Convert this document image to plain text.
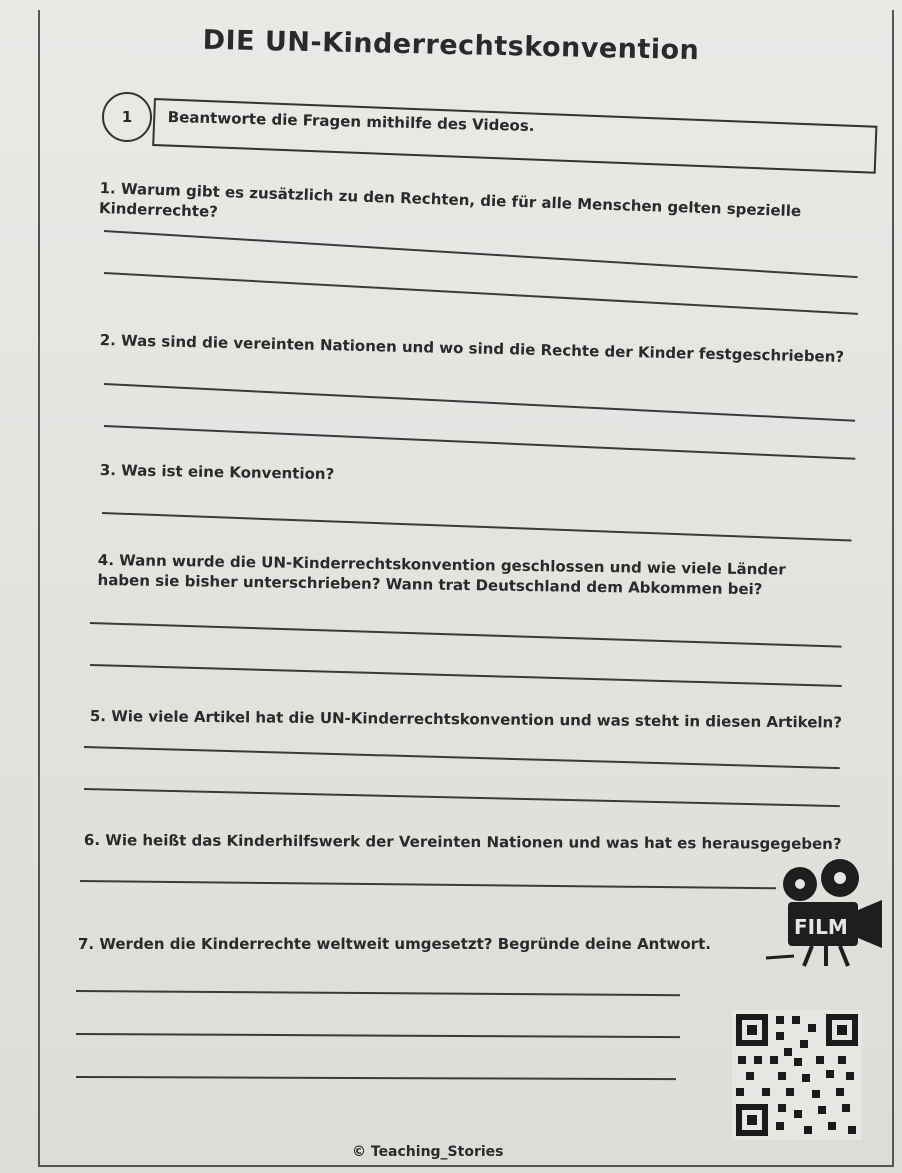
DIE UN-Kinderrechtskonvention
1	Beantworte die Fragen mithilfe des Videos.
1. Warum gibt es zusätzlich zu den Rechten, die für alle Menschen gelten spezielle Kinderrechte?
2. Was sind die vereinten Nationen und wo sind die Rechte der Kinder festgeschrieben?
3. Was ist eine Konvention?
4. Wann wurde die UN-Kinderrechtskonvention geschlossen und wie viele Länder haben sie bisher unterschrieben? Wann trat Deutschland dem Abkommen bei?
5. Wie viele Artikel hat die UN-Kinderrechtskonvention und was steht in diesen Artikeln?
6. Wie heißt das Kinderhilfswerk der Vereinten Nationen und was hat es herausgegeben?
7. Werden die Kinderrechte weltweit umgesetzt? Begründe deine Antwort.
FILM
© Teaching_Stories
